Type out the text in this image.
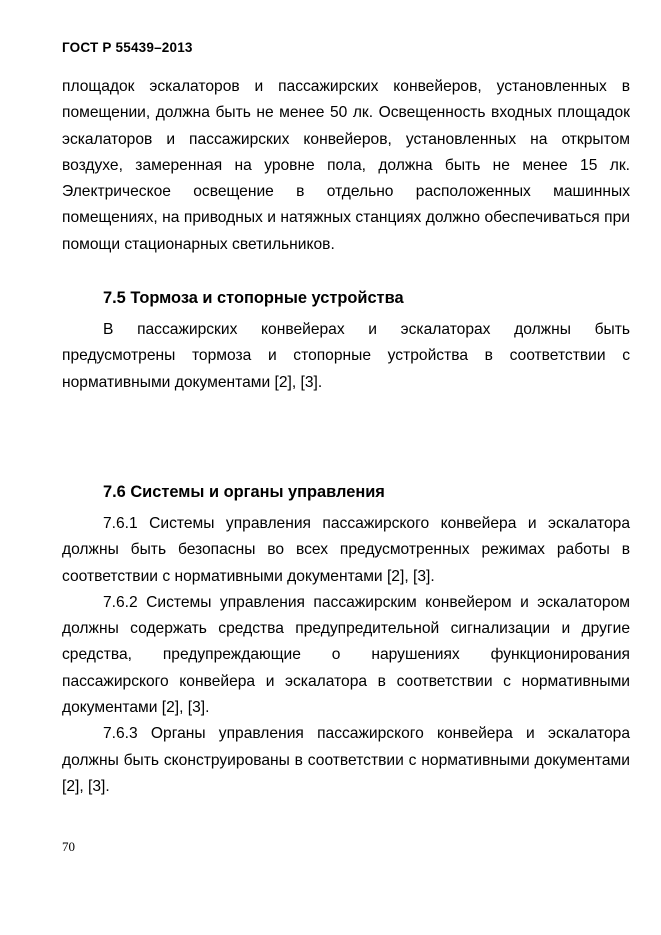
ГОСТ Р 55439–2013

площадок эскалаторов и пассажирских конвейеров, установленных в помещении, должна быть не менее 50 лк. Освещенность входных площадок эскалаторов и пассажирских конвейеров, установленных на открытом воздухе, замеренная на уровне пола, должна быть не менее 15 лк. Электрическое освещение в отдельно расположенных машинных помещениях, на приводных и натяжных станциях должно обеспечиваться при помощи стационарных светильников.

7.5 Тормоза и стопорные устройства

В пассажирских конвейерах и эскалаторах должны быть предусмотрены тормоза и стопорные устройства в соответствии с нормативными документами [2], [3].

7.6 Системы и органы управления

7.6.1 Системы управления пассажирского конвейера и эскалатора должны быть безопасны во всех предусмотренных режимах работы в соответствии с нормативными документами [2], [3].

7.6.2 Системы управления пассажирским конвейером и эскалатором должны содержать средства предупредительной сигнализации и другие средства, предупреждающие о нарушениях функционирования пассажирского конвейера и эскалатора в соответствии с нормативными документами [2], [3].

7.6.3 Органы управления пассажирского конвейера и эскалатора должны быть сконструированы в соответствии с нормативными документами [2], [3].

70
